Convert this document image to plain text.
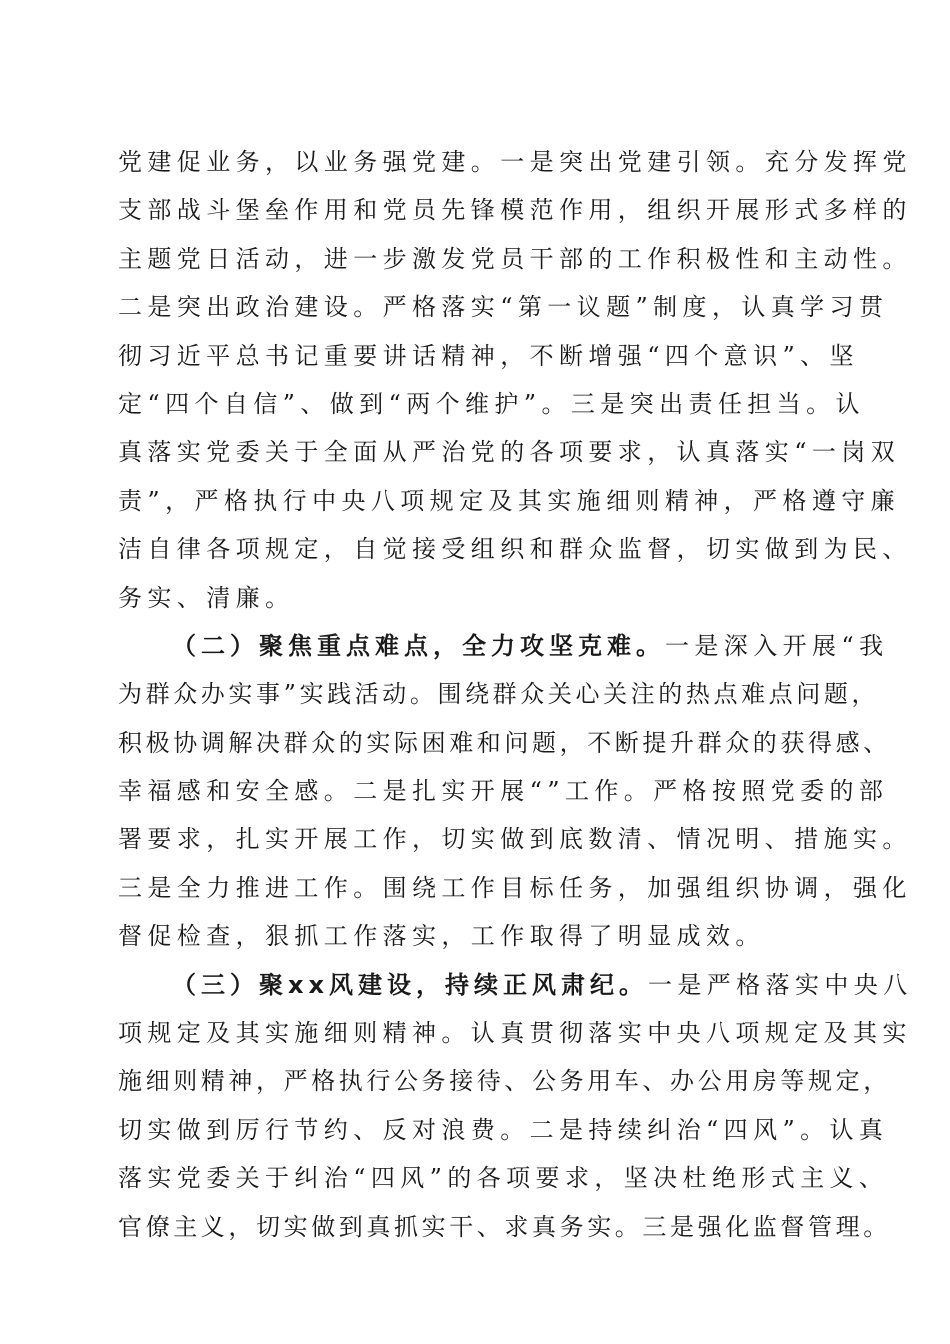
党建促业务，以业务强党建。一是突出党建引领。充分发挥党
支部战斗堡垒作用和党员先锋模范作用，组织开展形式多样的
主题党日活动，进一步激发党员干部的工作积极性和主动性。
二是突出政治建设。严格落实“第一议题”制度，认真学习贯
彻习近平总书记重要讲话精神，不断增强“四个意识”、坚
定“四个自信”、做到“两个维护”。三是突出责任担当。认
真落实党委关于全面从严治党的各项要求，认真落实“一岗双
责”，严格执行中央八项规定及其实施细则精神，严格遵守廉
洁自律各项规定，自觉接受组织和群众监督，切实做到为民、
务实、清廉。
（二）聚焦重点难点，全力攻坚克难。一是深入开展“我
为群众办实事”实践活动。围绕群众关心关注的热点难点问题，
积极协调解决群众的实际困难和问题，不断提升群众的获得感、
幸福感和安全感。二是扎实开展“”工作。严格按照党委的部
署要求，扎实开展工作，切实做到底数清、情况明、措施实。
三是全力推进工作。围绕工作目标任务，加强组织协调，强化
督促检查，狠抓工作落实，工作取得了明显成效。
（三）聚xx风建设，持续正风肃纪。一是严格落实中央八
项规定及其实施细则精神。认真贯彻落实中央八项规定及其实
施细则精神，严格执行公务接待、公务用车、办公用房等规定，
切实做到厉行节约、反对浪费。二是持续纠治“四风”。认真
落实党委关于纠治“四风”的各项要求，坚决杜绝形式主义、
官僚主义，切实做到真抓实干、求真务实。三是强化监督管理。
